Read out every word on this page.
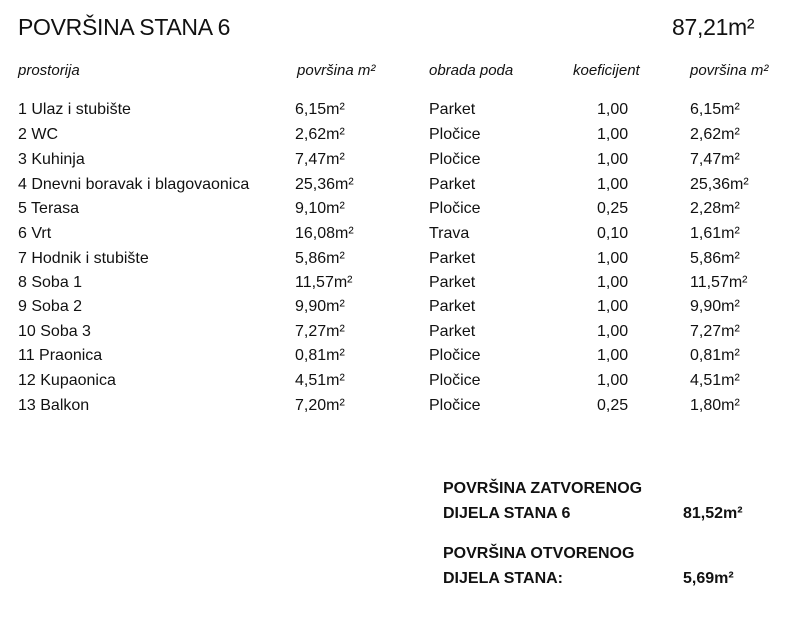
POVRŠINA STANA 6	87,21m²
prostorija	površina m²	obrada poda	koeficijent	površina m²
1 Ulaz i stubište	6,15m²	Parket	1,00	6,15m²
2 WC	2,62m²	Pločice	1,00	2,62m²
3 Kuhinja	7,47m²	Pločice	1,00	7,47m²
4 Dnevni boravak i blagovaonica	25,36m²	Parket	1,00	25,36m²
5 Terasa	9,10m²	Pločice	0,25	2,28m²
6 Vrt	16,08m²	Trava	0,10	1,61m²
7 Hodnik i stubište	5,86m²	Parket	1,00	5,86m²
8 Soba 1	11,57m²	Parket	1,00	11,57m²
9 Soba 2	9,90m²	Parket	1,00	9,90m²
10 Soba 3	7,27m²	Parket	1,00	7,27m²
11 Praonica	0,81m²	Pločice	1,00	0,81m²
12 Kupaonica	4,51m²	Pločice	1,00	4,51m²
13 Balkon	7,20m²	Pločice	0,25	1,80m²
POVRŠINA ZATVORENOG
DIJELA STANA 6	81,52m²
POVRŠINA OTVORENOG
DIJELA STANA:	5,69m²
